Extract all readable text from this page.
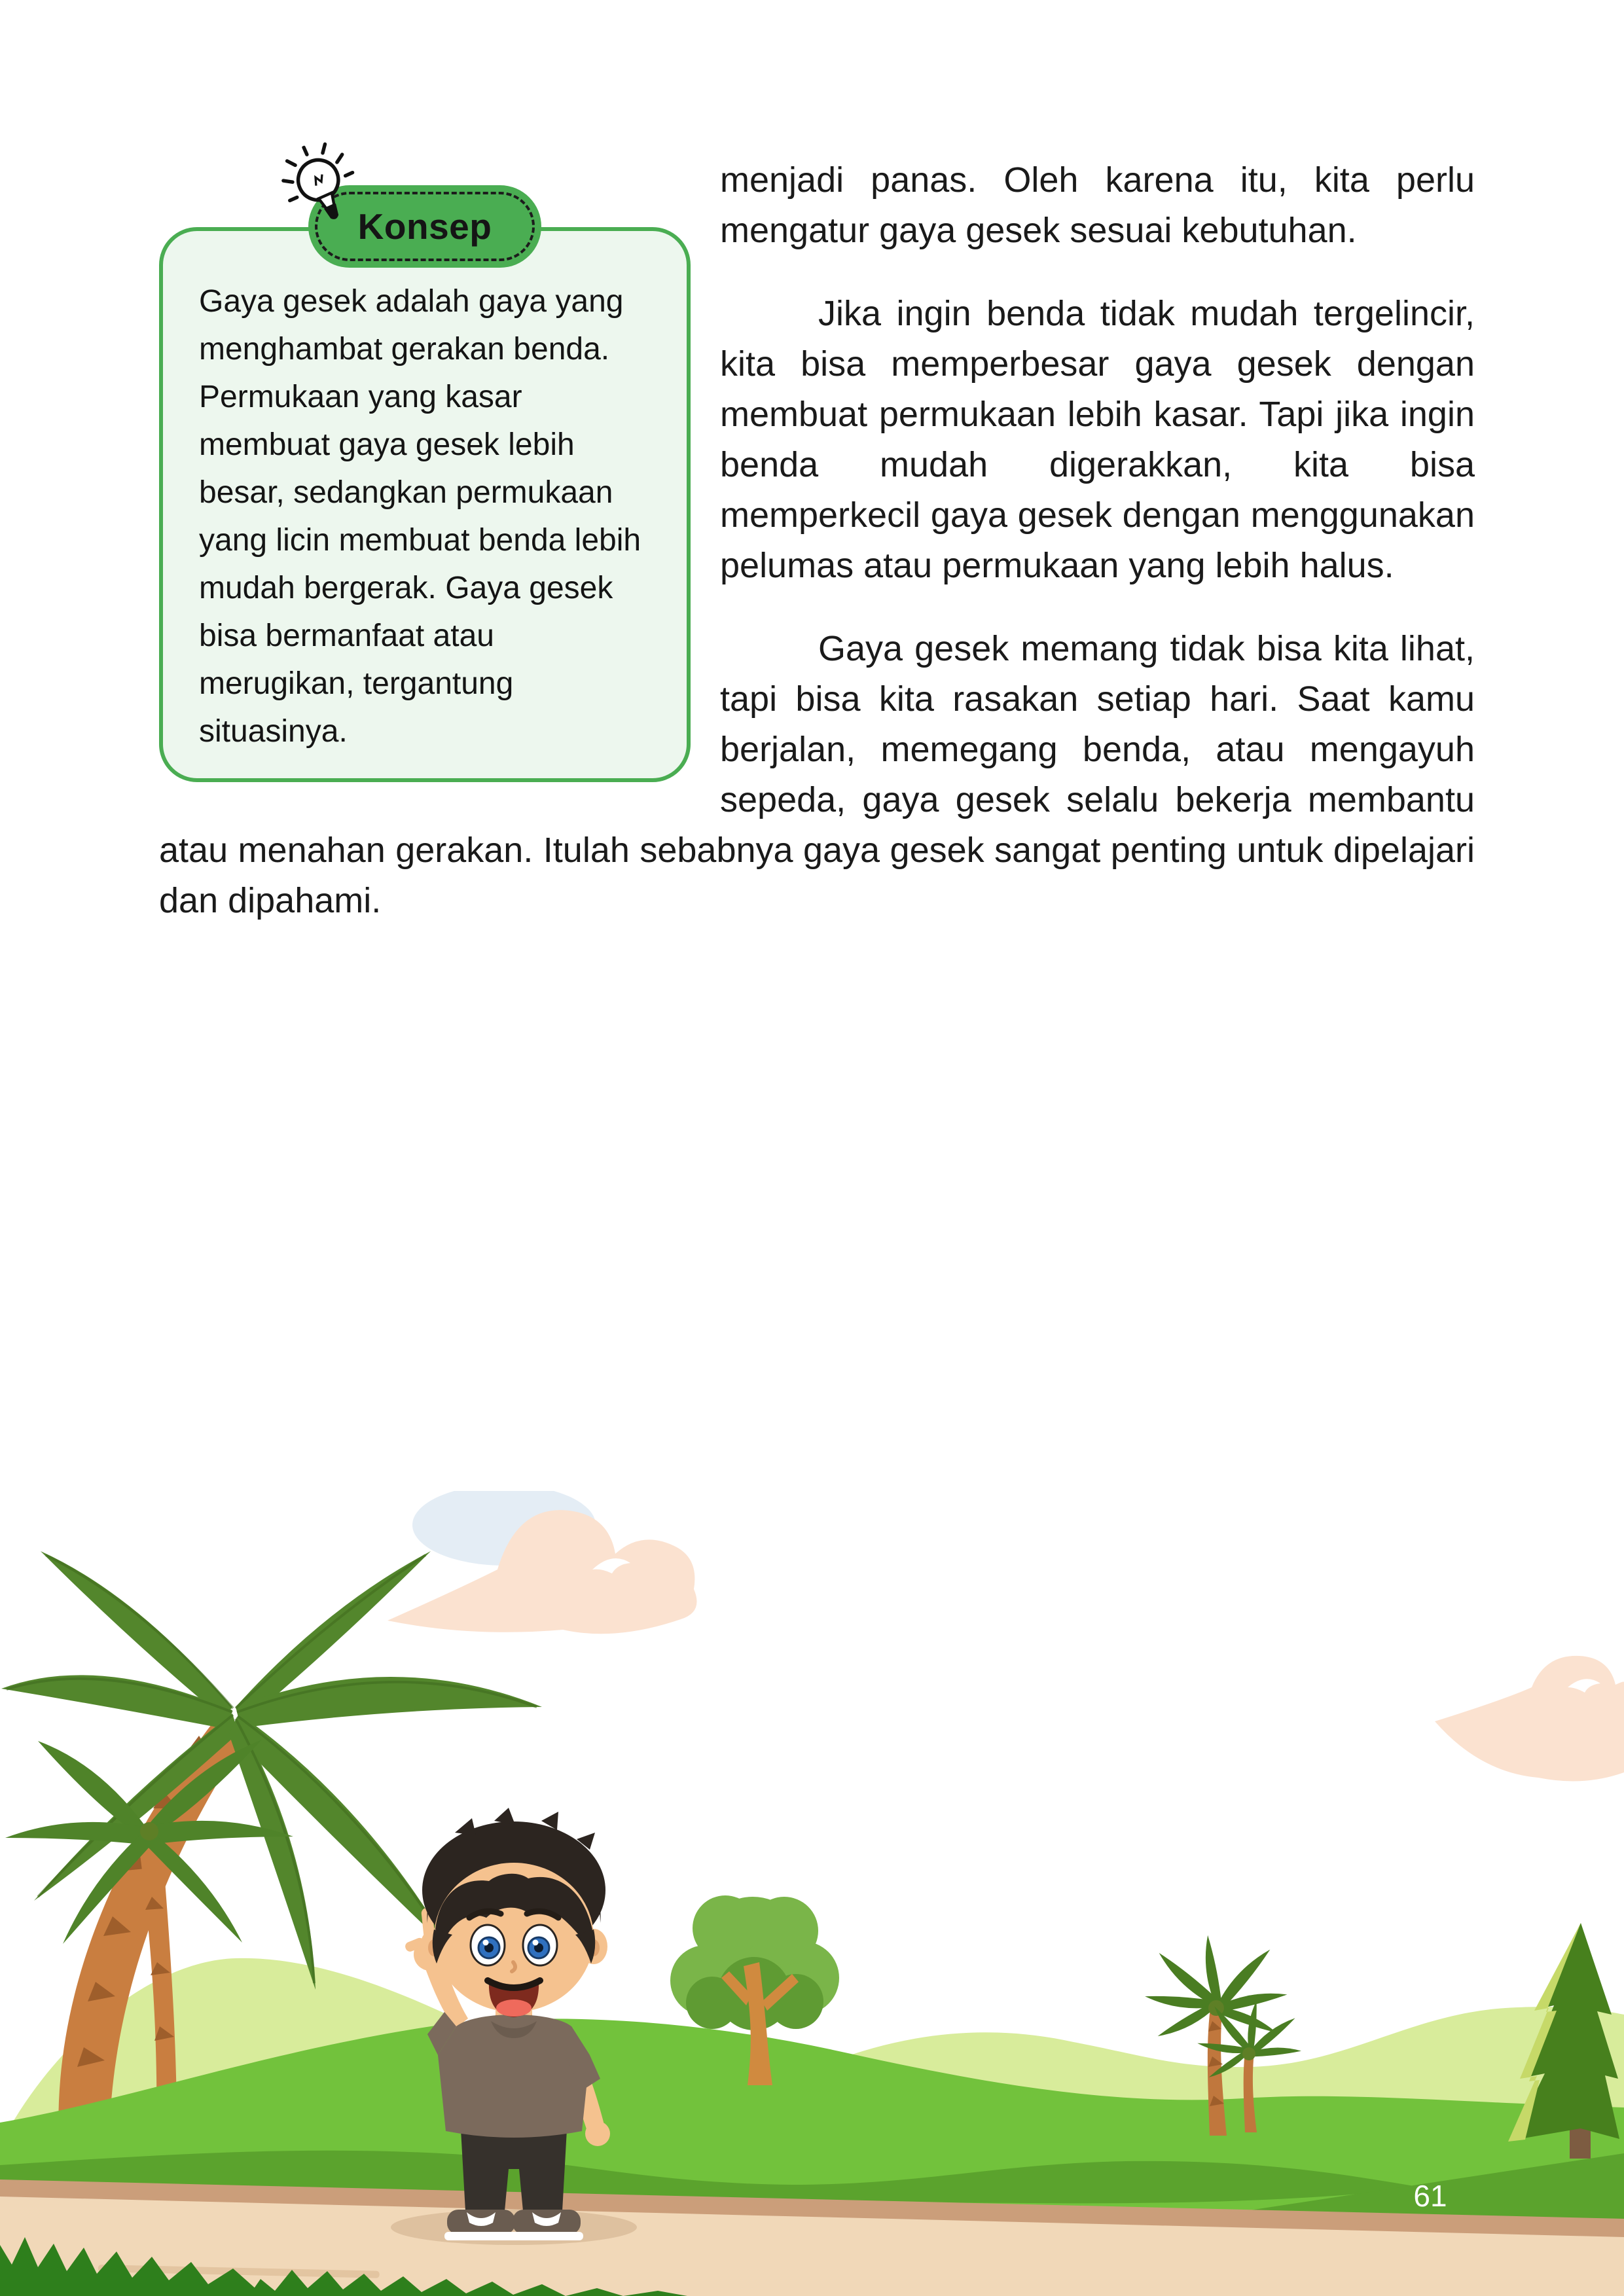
Konsep
Gaya gesek adalah gaya yang menghambat gerakan benda. Permukaan yang kasar membuat gaya gesek lebih besar, sedangkan permukaan yang licin membuat benda lebih mudah bergerak. Gaya gesek bisa bermanfaat atau merugikan, tergantung situasinya.

menjadi panas. Oleh karena itu, kita perlu mengatur gaya gesek sesuai kebutuhan.

Jika ingin benda tidak mudah tergelincir, kita bisa memperbesar gaya gesek dengan membuat permukaan lebih kasar. Tapi jika ingin benda mudah digerakkan, kita bisa memperkecil gaya gesek dengan menggunakan pelumas atau permukaan yang lebih halus.

Gaya gesek memang tidak bisa kita lihat, tapi bisa kita rasakan setiap hari. Saat kamu berjalan, memegang benda, atau mengayuh sepeda, gaya gesek selalu bekerja membantu atau menahan gerakan. Itulah sebabnya gaya gesek sangat penting untuk dipelajari dan dipahami.

61
